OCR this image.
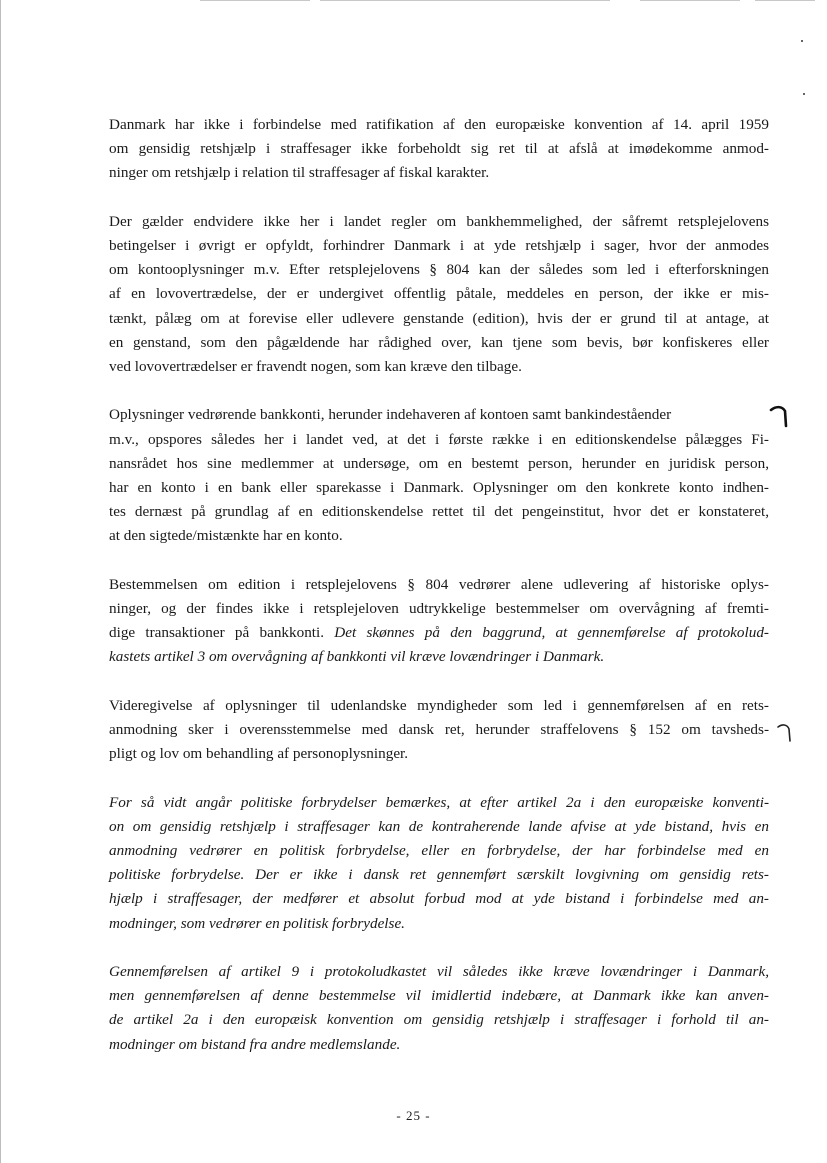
Danmark har ikke i forbindelse med ratifikation af den europæiske konvention af 14. april 1959
om gensidig retshjælp i straffesager ikke forbeholdt sig ret til at afslå at imødekomme anmod-
ninger om retshjælp i relation til straffesager af fiskal karakter.
Der gælder endvidere ikke her i landet regler om bankhemmelighed, der såfremt retsplejelovens
betingelser i øvrigt er opfyldt, forhindrer Danmark i at yde retshjælp i sager, hvor der anmodes
om kontooplysninger m.v. Efter retsplejelovens § 804 kan der således som led i efterforskningen
af en lovovertrædelse, der er undergivet offentlig påtale, meddeles en person, der ikke er mis-
tænkt, pålæg om at forevise eller udlevere genstande (edition), hvis der er grund til at antage, at
en genstand, som den pågældende har rådighed over, kan tjene som bevis, bør konfiskeres eller
ved lovovertrædelser er fravendt nogen, som kan kræve den tilbage.
Oplysninger vedrørende bankkonti, herunder indehaveren af kontoen samt bankindeståender
m.v., opspores således her i landet ved, at det i første række i en editionskendelse pålægges Fi-
nansrådet hos sine medlemmer at undersøge, om en bestemt person, herunder en juridisk person,
har en konto i en bank eller sparekasse i Danmark. Oplysninger om den konkrete konto indhen-
tes dernæst på grundlag af en editionskendelse rettet til det pengeinstitut, hvor det er konstateret,
at den sigtede/mistænkte har en konto.
Bestemmelsen om edition i retsplejelovens § 804 vedrører alene udlevering af historiske oplys-
ninger, og der findes ikke i retsplejeloven udtrykkelige bestemmelser om overvågning af fremti-
dige transaktioner på bankkonti. Det skønnes på den baggrund, at gennemførelse af protokolud-
kastets artikel 3 om overvågning af bankkonti vil kræve lovændringer i Danmark.
Videregivelse af oplysninger til udenlandske myndigheder som led i gennemførelsen af en rets-
anmodning sker i overensstemmelse med dansk ret, herunder straffelovens § 152 om tavsheds-
pligt og lov om behandling af personoplysninger.
For så vidt angår politiske forbrydelser bemærkes, at efter artikel 2a i den europæiske konventi-
on om gensidig retshjælp i straffesager kan de kontraherende lande afvise at yde bistand, hvis en
anmodning vedrører en politisk forbrydelse, eller en forbrydelse, der har forbindelse med en
politiske forbrydelse. Der er ikke i dansk ret gennemført særskilt lovgivning om gensidig rets-
hjælp i straffesager, der medfører et absolut forbud mod at yde bistand i forbindelse med an-
modninger, som vedrører en politisk forbrydelse.
Gennemførelsen af artikel 9 i protokoludkastet vil således ikke kræve lovændringer i Danmark,
men gennemførelsen af denne bestemmelse vil imidlertid indebære, at Danmark ikke kan anven-
de artikel 2a i den europæisk konvention om gensidig retshjælp i straffesager i forhold til an-
modninger om bistand fra andre medlemslande.
- 25 -
